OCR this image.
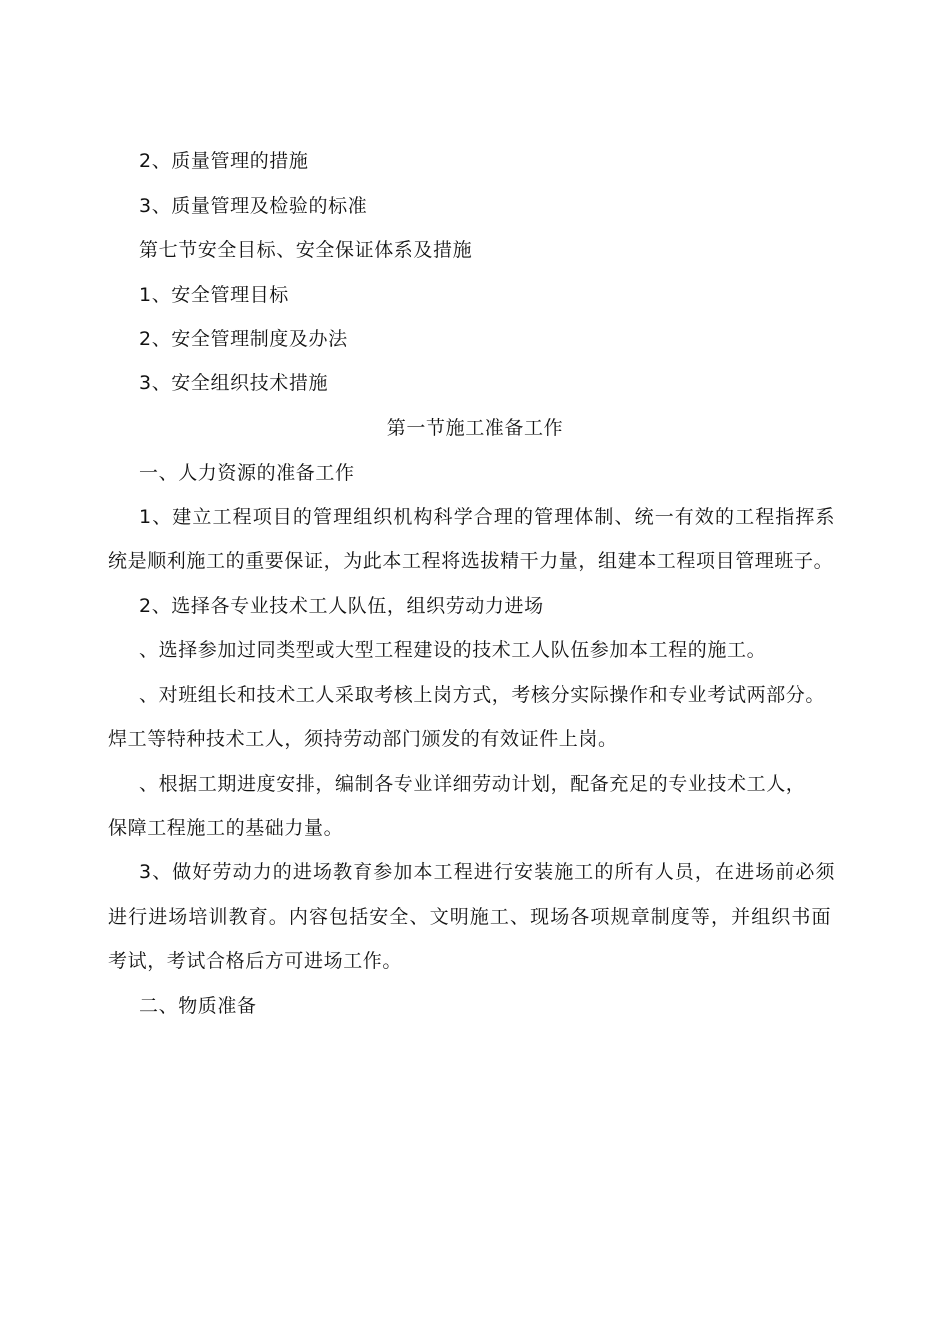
2、质量管理的措施
3、质量管理及检验的标准
第七节安全目标、安全保证体系及措施
1、安全管理目标
2、安全管理制度及办法
3、安全组织技术措施
第一节施工准备工作
一、人力资源的准备工作
1、建立工程项目的管理组织机构科学合理的管理体制、统一有效的工程指挥系
统是顺利施工的重要保证，为此本工程将选拔精干力量，组建本工程项目管理班子。
2、选择各专业技术工人队伍，组织劳动力进场
、选择参加过同类型或大型工程建设的技术工人队伍参加本工程的施工。
、对班组长和技术工人采取考核上岗方式，考核分实际操作和专业考试两部分。
焊工等特种技术工人，须持劳动部门颁发的有效证件上岗。
、根据工期进度安排，编制各专业详细劳动计划，配备充足的专业技术工人，
保障工程施工的基础力量。
3、做好劳动力的进场教育参加本工程进行安装施工的所有人员，在进场前必须
进行进场培训教育。内容包括安全、文明施工、现场各项规章制度等，并组织书面
考试，考试合格后方可进场工作。
二、物质准备
